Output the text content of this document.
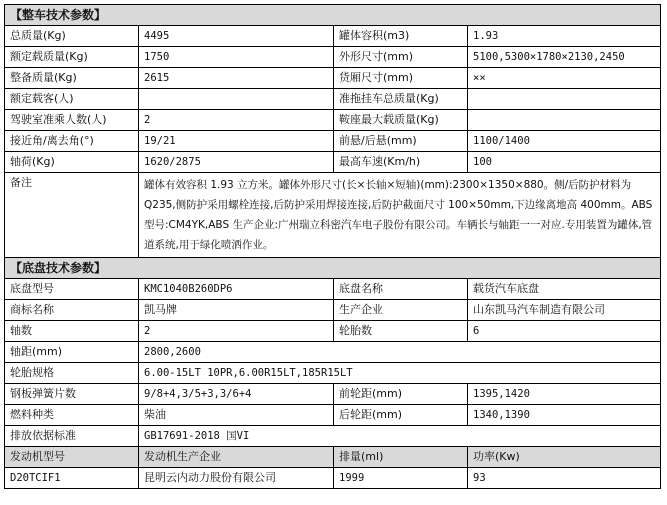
【整车技术参数】			
总质量(Kg)	4495	罐体容积(m3)	1.93
额定载质量(Kg)	1750	外形尺寸(mm)	5100,5300×1780×2130,2450
整备质量(Kg)	2615	货厢尺寸(mm)	××
额定载客(人)		准拖挂车总质量(Kg)	
驾驶室准乘人数(人)	2	鞍座最大载质量(Kg)	
接近角/离去角(°)	19/21	前悬/后悬(mm)	1100/1400
轴荷(Kg)	1620/2875	最高车速(Km/h)	100
备注	罐体有效容积 1.93 立方米。罐体外形尺寸(长×长轴×短轴)(mm):2300×1350×880。侧/后防护材料为 Q235,侧防护采用螺栓连接,后防护采用焊接连接,后防护截面尺寸 100×50mm,下边缘离地高 400mm。ABS 型号:CM4YK,ABS 生产企业:广州瑞立科密汽车电子股份有限公司。车辆长与轴距一一对应.专用装置为罐体,管道系统,用于绿化喷洒作业。		
【底盘技术参数】			
底盘型号	KMC1040B260DP6	底盘名称	载货汽车底盘
商标名称	凯马牌	生产企业	山东凯马汽车制造有限公司
轴数	2	轮胎数	6
轴距(mm)	2800,2600		
轮胎规格	6.00-15LT 10PR,6.00R15LT,185R15LT		
钢板弹簧片数	9/8+4,3/5+3,3/6+4	前轮距(mm)	1395,1420
燃料种类	柴油	后轮距(mm)	1340,1390
排放依据标准	GB17691-2018 国VI		
发动机型号	发动机生产企业	排量(ml)	功率(Kw)
D20TCIF1	昆明云内动力股份有限公司	1999	93
